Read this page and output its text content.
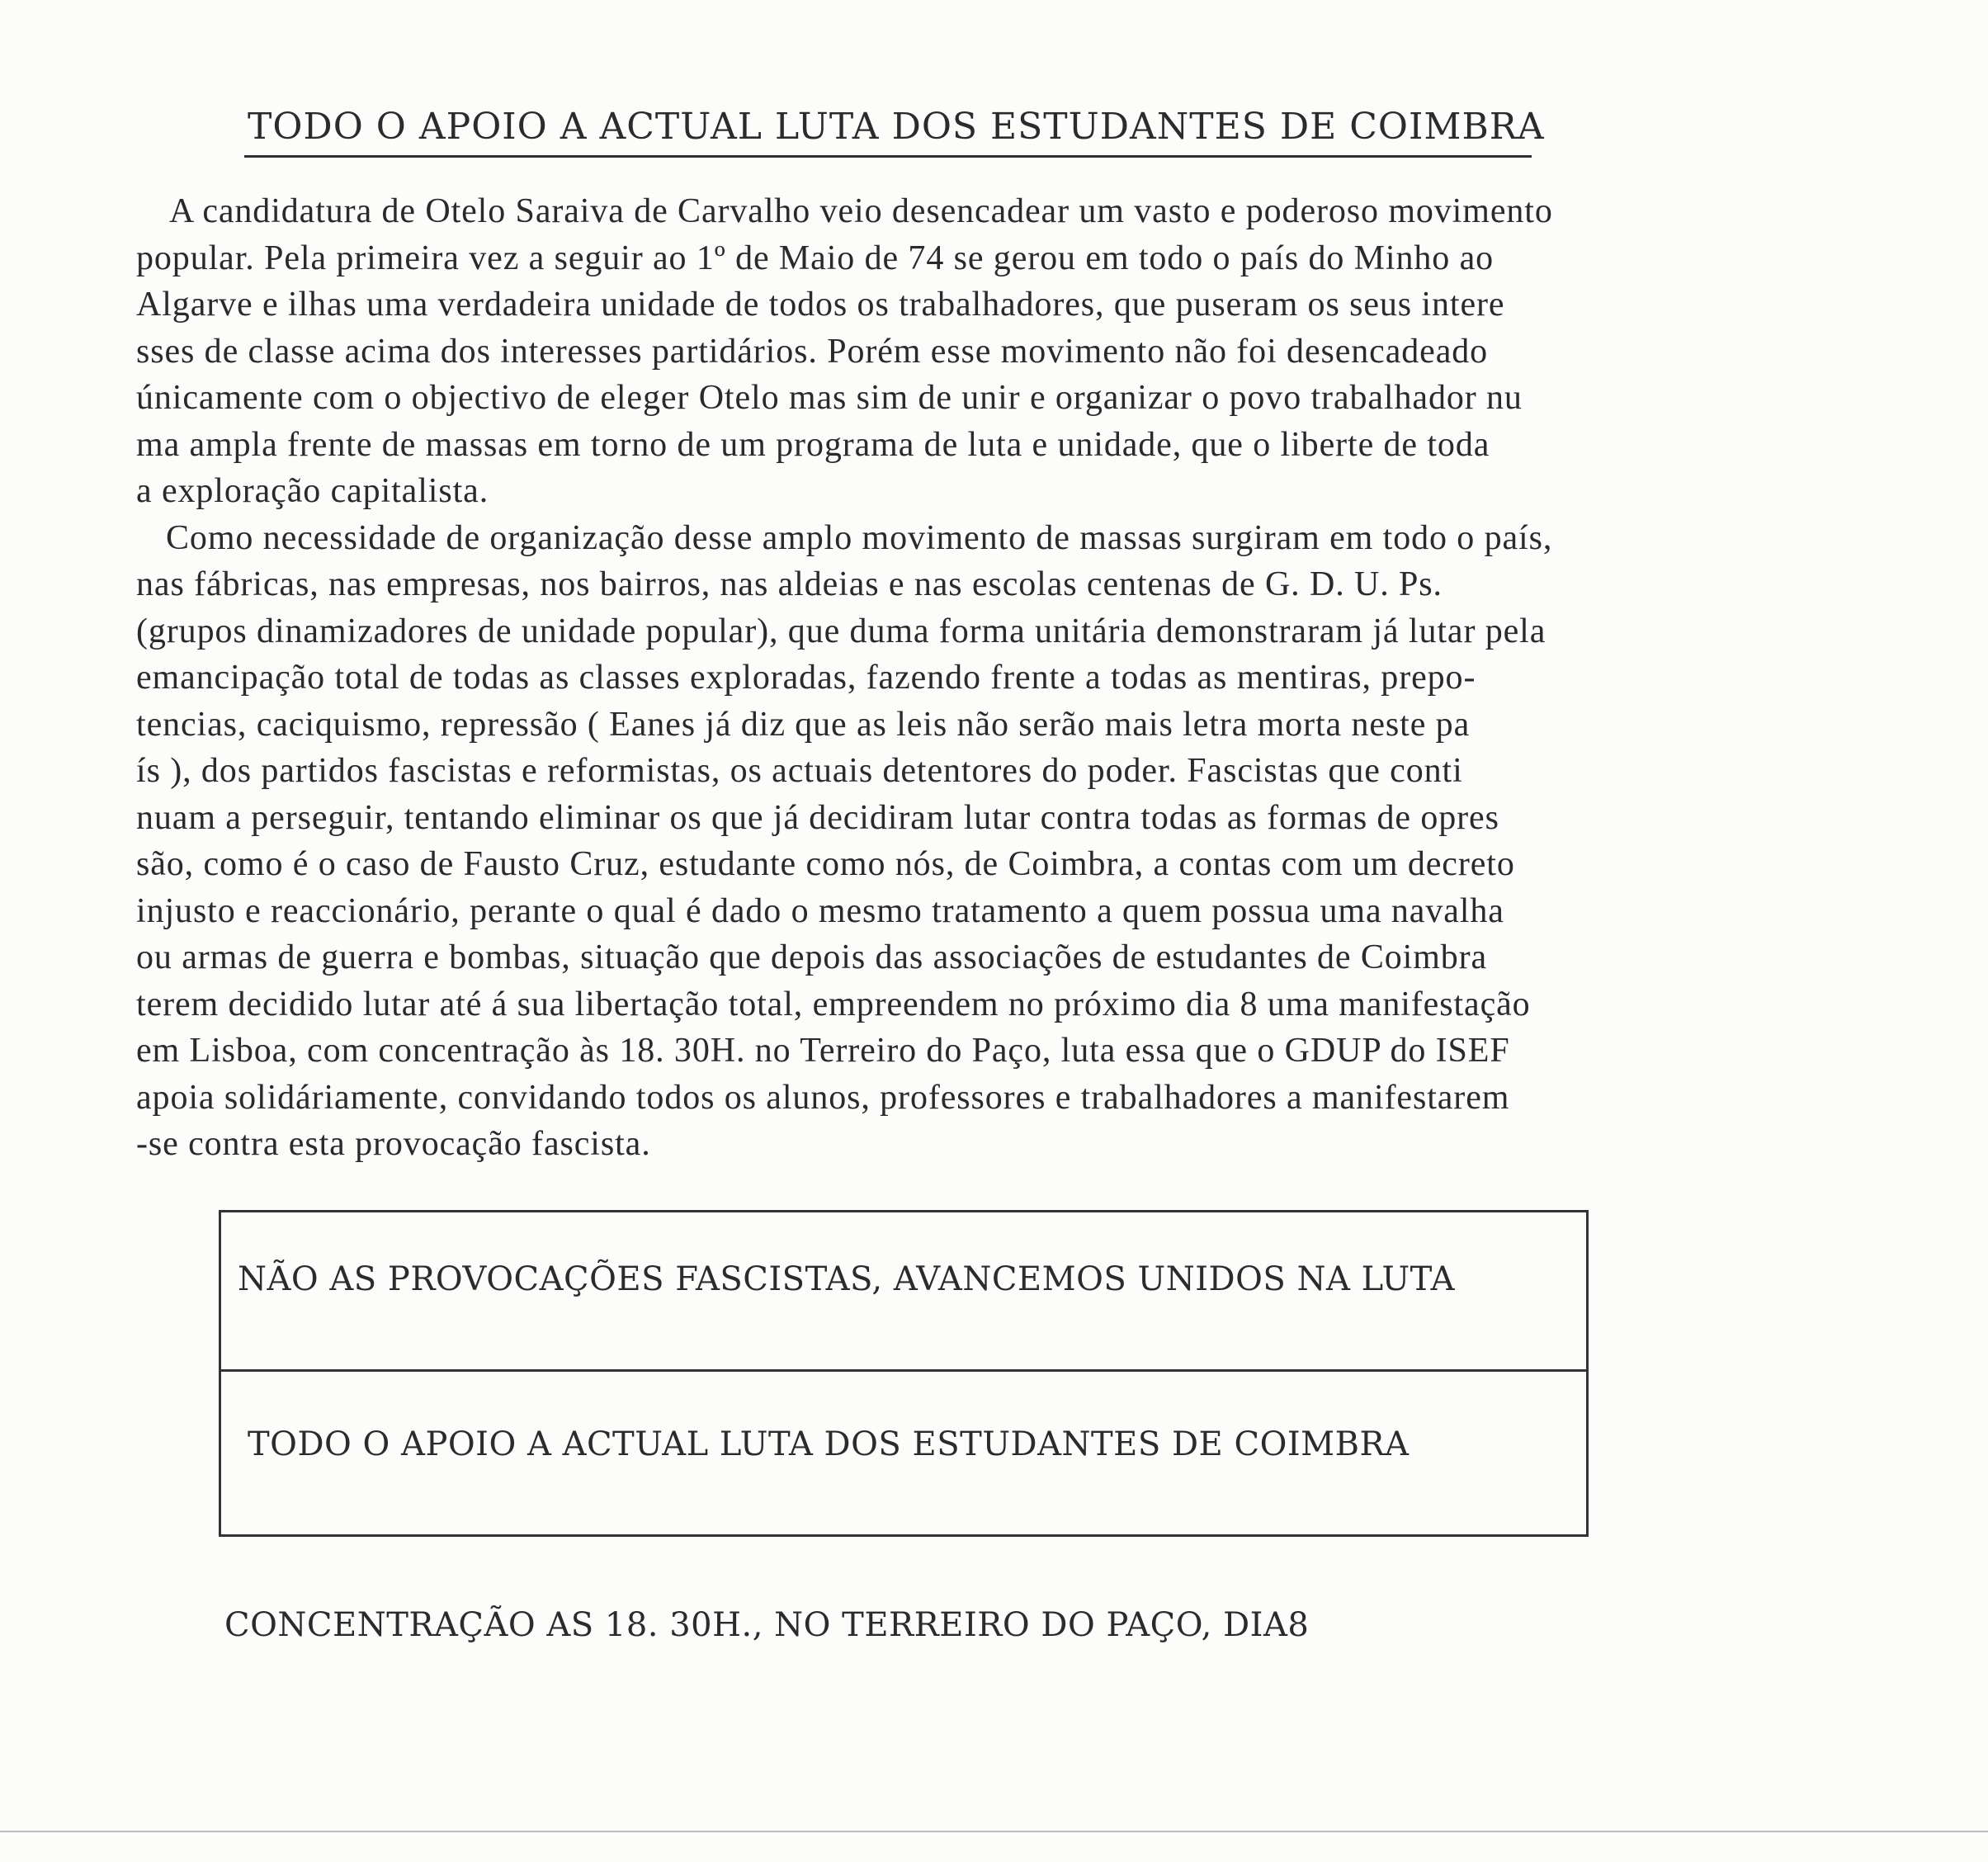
TODO O APOIO A ACTUAL LUTA DOS ESTUDANTES DE COIMBRA
A candidatura de Otelo Saraiva de Carvalho veio desencadear um vasto e poderoso movimento
popular. Pela primeira vez a seguir ao 1º de Maio de 74 se gerou em todo o país do Minho ao
Algarve e ilhas uma verdadeira unidade de todos os trabalhadores, que puseram os seus intere
sses de classe acima dos interesses partidários. Porém esse movimento não foi desencadeado
únicamente com o objectivo de eleger Otelo mas sim de unir e organizar o povo trabalhador nu
ma ampla frente de massas em torno de um programa de luta e unidade, que o liberte de toda
a exploração capitalista.
Como necessidade de organização desse amplo movimento de massas surgiram em todo o país,
nas fábricas, nas empresas, nos bairros, nas aldeias e nas escolas centenas de G. D. U. Ps.
(grupos dinamizadores de unidade popular), que duma forma unitária demonstraram já lutar pela
emancipação total de todas as classes exploradas, fazendo frente a todas as mentiras, prepo-
tencias, caciquismo, repressão ( Eanes já diz que as leis não serão mais letra morta neste pa
ís ), dos partidos fascistas e reformistas, os actuais detentores do poder. Fascistas que conti
nuam a perseguir, tentando eliminar os que já decidiram lutar contra todas as formas de opres
são, como é o caso de Fausto Cruz, estudante como nós, de Coimbra, a contas com um decreto
injusto e reaccionário, perante o qual é dado o mesmo tratamento a quem possua uma navalha
ou armas de guerra e bombas, situação que depois das associações de estudantes de Coimbra
terem decidido lutar até á sua libertação total, empreendem no próximo dia 8 uma manifestação
em Lisboa, com concentração às 18. 30H. no Terreiro do Paço, luta essa que o GDUP do ISEF
apoia solidáriamente, convidando todos os alunos, professores e trabalhadores a manifestarem
-se contra esta provocação fascista.
NÃO AS PROVOCAÇÕES FASCISTAS, AVANCEMOS UNIDOS NA LUTA
TODO O APOIO A ACTUAL LUTA DOS ESTUDANTES DE COIMBRA
CONCENTRAÇÃO AS 18. 30H., NO TERREIRO DO PAÇO, DIA8
